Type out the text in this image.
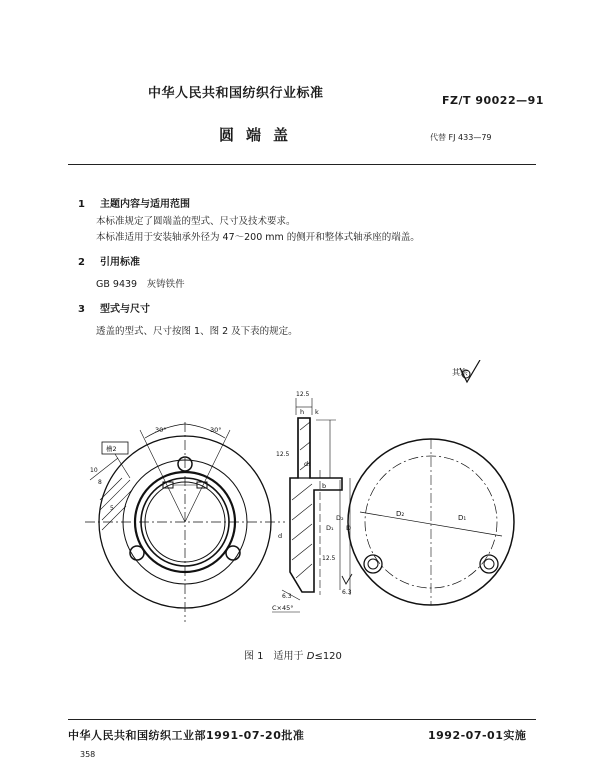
中华人民共和国纺织行业标准	FZ/T 90022—91
圆端盖	代替 FJ 433—79
1 主题内容与适用范围
本标准规定了圆端盖的型式、尺寸及技术要求。
本标准适用于安装轴承外径为 47～200 mm 的侧开和整体式轴承座的端盖。
2 引用标准
GB 9439　灰铸铁件
3 型式与尺寸
透盖的型式、尺寸按图 1、图 2 及下表的规定。
其余
30°	30°
槽2
10
8
5
12.5
h k
12.5
d₁
b
d
D₁
D₂
D
12.5
6.3
6.3
C×45°
D₂	D₁
图 1　适用于 D≤120
中华人民共和国纺织工业部1991-07-20批准	1992-07-01实施
358
